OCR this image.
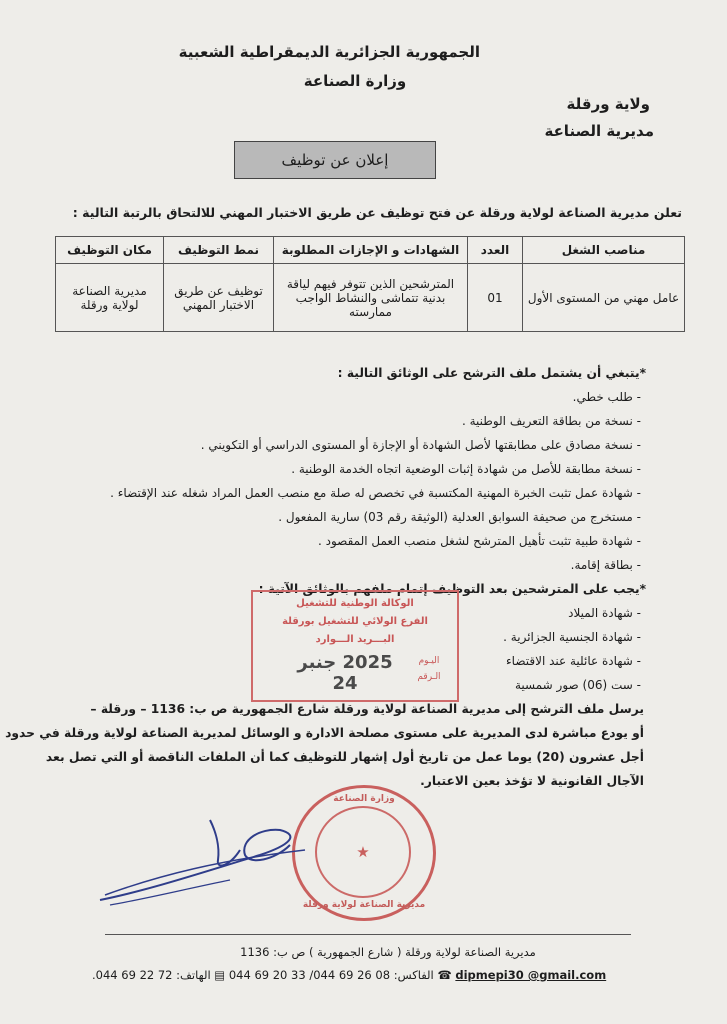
الجمهورية الجزائرية الديمقراطية الشعبية
وزارة الصناعة
ولاية ورقلة
مديرية الصناعة
إعلان عن توظيف
تعلن مديرية الصناعة لولاية ورقلة عن فتح توظيف عن طريق الاختبار المهني للالتحاق بالرتبة التالية :
مناصب الشغل	العدد	الشهادات و الإجازات المطلوبة	نمط التوظيف	مكان التوظيف
عامل مهني من المستوى الأول	01	المترشحين الذين تتوفر فيهم لياقة بدنية تتماشى والنشاط الواجب ممارسته	توظيف عن طريق الاختبار المهني	مديرية الصناعة لولاية ورقلة
*يتبغي أن يشتمل ملف الترشح على الوثائق التالية :
- طلب خطي.
- نسخة من بطاقة التعريف الوطنية .
- نسخة مصادق على مطابقتها لأصل الشهادة أو الإجازة أو المستوى الدراسي أو التكويني .
- نسخة مطابقة للأصل من شهادة إثبات الوضعية اتجاه الخدمة الوطنية .
- شهادة عمل تثبت الخبرة المهنية المكتسبة في تخصص له صلة مع منصب العمل المراد شغله عند الإقتضاء .
- مستخرج من صحيفة السوابق العدلية (الوثيقة رقم 03) سارية المفعول .
- شهادة طبية تثبت تأهيل المترشح لشغل منصب العمل المقصود .
- بطاقة إقامة.
*يجب على المترشحين بعد التوظيف إتمام ملفهم بالوثائق الآتية :
- شهادة الميلاد
- شهادة الجنسية الجزائرية .
- شهادة عائلية عند الاقتضاء
- ست (06) صور شمسية
الوكالة الوطنية للتشغيل
الفرع الولائي للتشغيل بورقلة
البـــريد الـــوارد
اليـوم
الـرقم
2025 جنبر 24
يرسل ملف الترشح إلى مديرية الصناعة لولاية ورقلة شارع الجمهورية ص ب: 1136 – ورقلة –
أو يودع مباشرة لدى المديرية على مستوى مصلحة الادارة و الوسائل لمديرية الصناعة لولاية ورقلة في حدود
أجل عشرون (20) يوما عمل من تاريخ أول إشهار للتوظيف كما أن الملفات الناقصة أو التي تصل بعد
الآجال القانونية لا تؤخذ بعين الاعتبار.
وزارة الصناعة
★
مديرية الصناعة لولاية ورقلة
مديرية الصناعة لولاية ورقلة ( شارع الجمهورية ) ص ب: 1136
الفاكس: 08 26 69 044/ 33 20 69 044 ▤ الهاتف: 72 22 69 044.	☎ dipmepi30 @gmail.com
